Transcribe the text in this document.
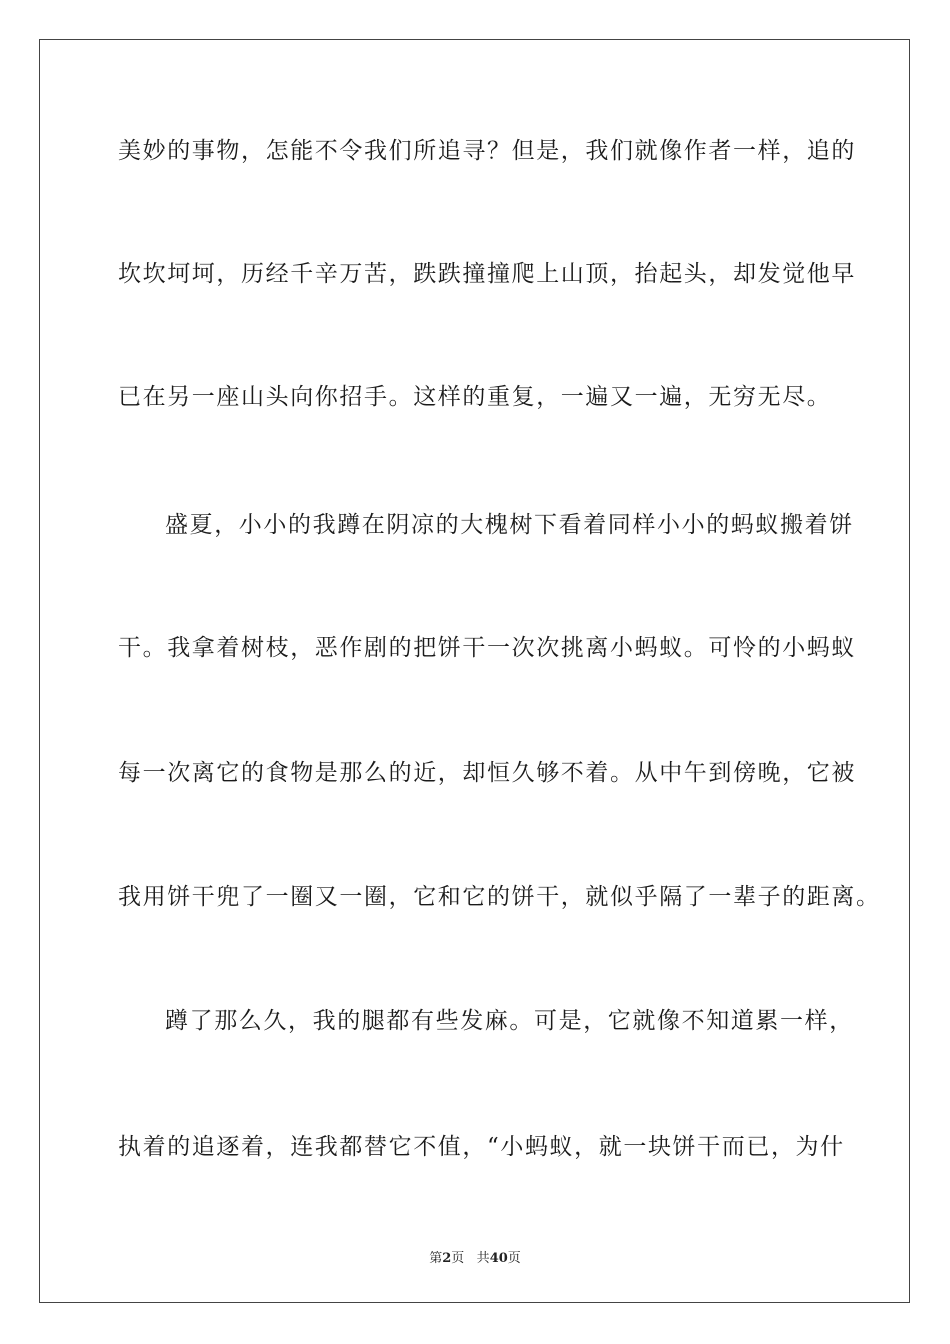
美妙的事物，怎能不令我们所追寻？但是，我们就像作者一样，追的
坎坎坷坷，历经千辛万苦，跌跌撞撞爬上山顶，抬起头，却发觉他早
已在另一座山头向你招手。这样的重复，一遍又一遍，无穷无尽。
盛夏，小小的我蹲在阴凉的大槐树下看着同样小小的蚂蚁搬着饼
干。我拿着树枝，恶作剧的把饼干一次次挑离小蚂蚁。可怜的小蚂蚁
每一次离它的食物是那么的近，却恒久够不着。从中午到傍晚，它被
我用饼干兜了一圈又一圈，它和它的饼干，就似乎隔了一辈子的距离。
蹲了那么久，我的腿都有些发麻。可是，它就像不知道累一样，
执着的追逐着，连我都替它不值，“小蚂蚁，就一块饼干而已，为什
第2页 共40页
